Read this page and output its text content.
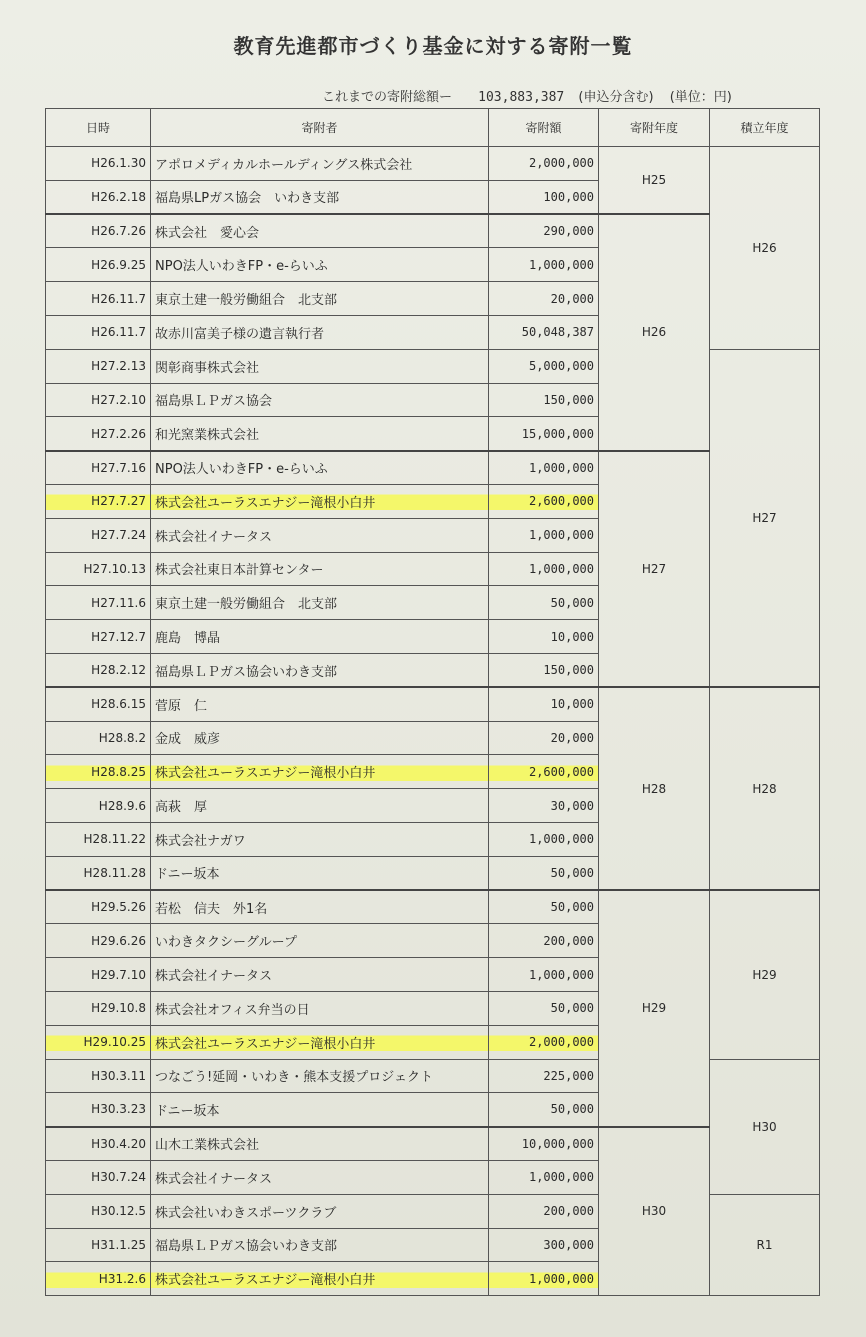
教育先進都市づくり基金に対する寄附一覧
これまでの寄附総額ー 103,883,387 (申込分含む) (単位：円)
日時	寄附者	寄附額	寄附年度	積立年度
H26.1.30	アポロメディカルホールディングス株式会社	2,000,000	H25	H26
H26.2.18	福島県LPガス協会　いわき支部	100,000		
H26.7.26	株式会社　愛心会	290,000	H26	
H26.9.25	NPO法人いわきFP・e-らいふ	1,000,000		
H26.11.7	東京土建一般労働組合　北支部	20,000		
H26.11.7	故赤川富美子様の遺言執行者	50,048,387		
H27.2.13	関彰商事株式会社	5,000,000		H27
H27.2.10	福島県ＬＰガス協会	150,000		
H27.2.26	和光窯業株式会社	15,000,000		
H27.7.16	NPO法人いわきFP・e-らいふ	1,000,000	H27	
H27.7.27	株式会社ユーラスエナジー滝根小白井	2,600,000		
H27.7.24	株式会社イナータス	1,000,000		
H27.10.13	株式会社東日本計算センター	1,000,000		
H27.11.6	東京土建一般労働組合　北支部	50,000		
H27.12.7	鹿島　博晶	10,000		
H28.2.12	福島県ＬＰガス協会いわき支部	150,000		
H28.6.15	菅原　仁	10,000	H28	H28
H28.8.2	金成　威彦	20,000		
H28.8.25	株式会社ユーラスエナジー滝根小白井	2,600,000		
H28.9.6	高萩　厚	30,000		
H28.11.22	株式会社ナガワ	1,000,000		
H28.11.28	ドニー坂本	50,000		
H29.5.26	若松　信夫　外1名	50,000	H29	H29
H29.6.26	いわきタクシーグループ	200,000		
H29.7.10	株式会社イナータス	1,000,000		
H29.10.8	株式会社オフィス弁当の日	50,000		
H29.10.25	株式会社ユーラスエナジー滝根小白井	2,000,000		
H30.3.11	つなごう!延岡・いわき・熊本支援プロジェクト	225,000		H30
H30.3.23	ドニー坂本	50,000		
H30.4.20	山木工業株式会社	10,000,000	H30	
H30.7.24	株式会社イナータス	1,000,000		
H30.12.5	株式会社いわきスポーツクラブ	200,000		R1
H31.1.25	福島県ＬＰガス協会いわき支部	300,000		
H31.2.6	株式会社ユーラスエナジー滝根小白井	1,000,000		
